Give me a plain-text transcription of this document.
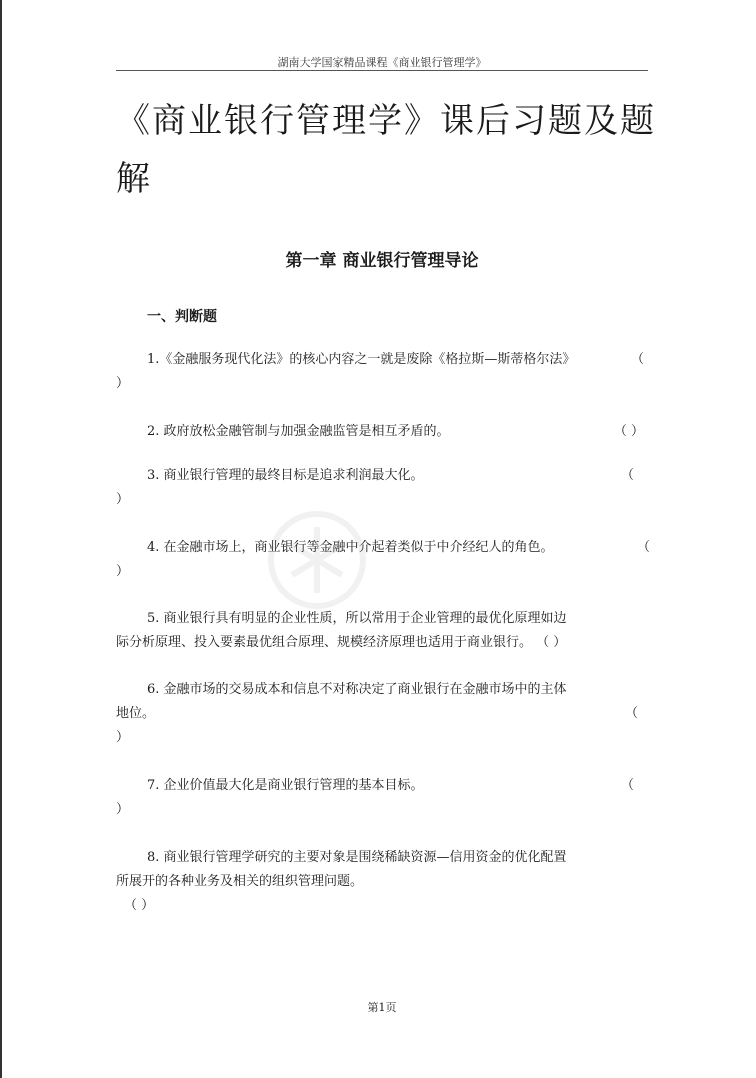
湖南大学国家精品课程《商业银行管理学》
《商业银行管理学》课后习题及题解
第一章 商业银行管理导论
一、判断题
1.《金融服务现代化法》的核心内容之一就是废除《格拉斯—斯蒂格尔法》	（
）
2. 政府放松金融管制与加强金融监管是相互矛盾的。	（ ）
3. 商业银行管理的最终目标是追求利润最大化。	（
）
4. 在金融市场上，商业银行等金融中介起着类似于中介经纪人的角色。	（
）
5. 商业银行具有明显的企业性质，所以常用于企业管理的最优化原理如边
际分析原理、投入要素最优组合原理、规模经济原理也适用于商业银行。 （ ）
6. 金融市场的交易成本和信息不对称决定了商业银行在金融市场中的主体
地位。	（
）
7. 企业价值最大化是商业银行管理的基本目标。	（
）
8. 商业银行管理学研究的主要对象是围绕稀缺资源—信用资金的优化配置
所展开的各种业务及相关的组织管理问题。
（ ）
第1页
